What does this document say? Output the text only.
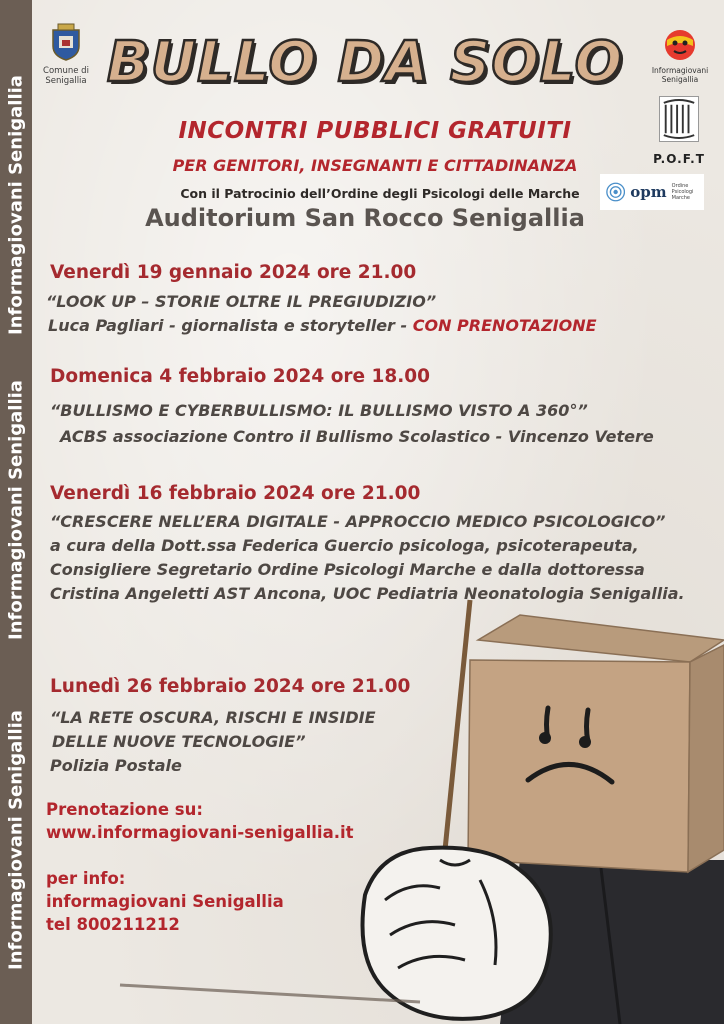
Informagiovani Senigallia
Informagiovani Senigallia
Informagiovani Senigallia
Comune di Senigallia
Informagiovani Senigallia
P.O.F.T
opm Ordine Psicologi Marche
BULLO DA SOLO
INCONTRI PUBBLICI GRATUITI
PER GENITORI, INSEGNANTI E CITTADINANZA
Con il Patrocinio dell’Ordine degli Psicologi delle Marche
Auditorium San Rocco Senigallia
Venerdì 19 gennaio 2024 ore 21.00
“LOOK UP – STORIE OLTRE IL PREGIUDIZIO”
Luca Pagliari - giornalista e storyteller - CON PRENOTAZIONE
Domenica 4 febbraio 2024 ore 18.00
“BULLISMO E CYBERBULLISMO: IL BULLISMO VISTO A 360°”
ACBS associazione Contro il Bullismo Scolastico - Vincenzo Vetere
Venerdì 16 febbraio 2024 ore 21.00
“CRESCERE NELL’ERA DIGITALE - APPROCCIO MEDICO PSICOLOGICO”
a cura della Dott.ssa Federica Guercio psicologa, psicoterapeuta,
Consigliere Segretario Ordine Psicologi Marche e dalla dottoressa
Cristina Angeletti AST Ancona, UOC Pediatria Neonatologia Senigallia.
Lunedì 26 febbraio 2024 ore 21.00
“LA RETE OSCURA, RISCHI E INSIDIE
DELLE NUOVE TECNOLOGIE”
Polizia Postale
Prenotazione su:
www.informagiovani-senigallia.it
per info:
informagiovani Senigallia
tel 800211212
